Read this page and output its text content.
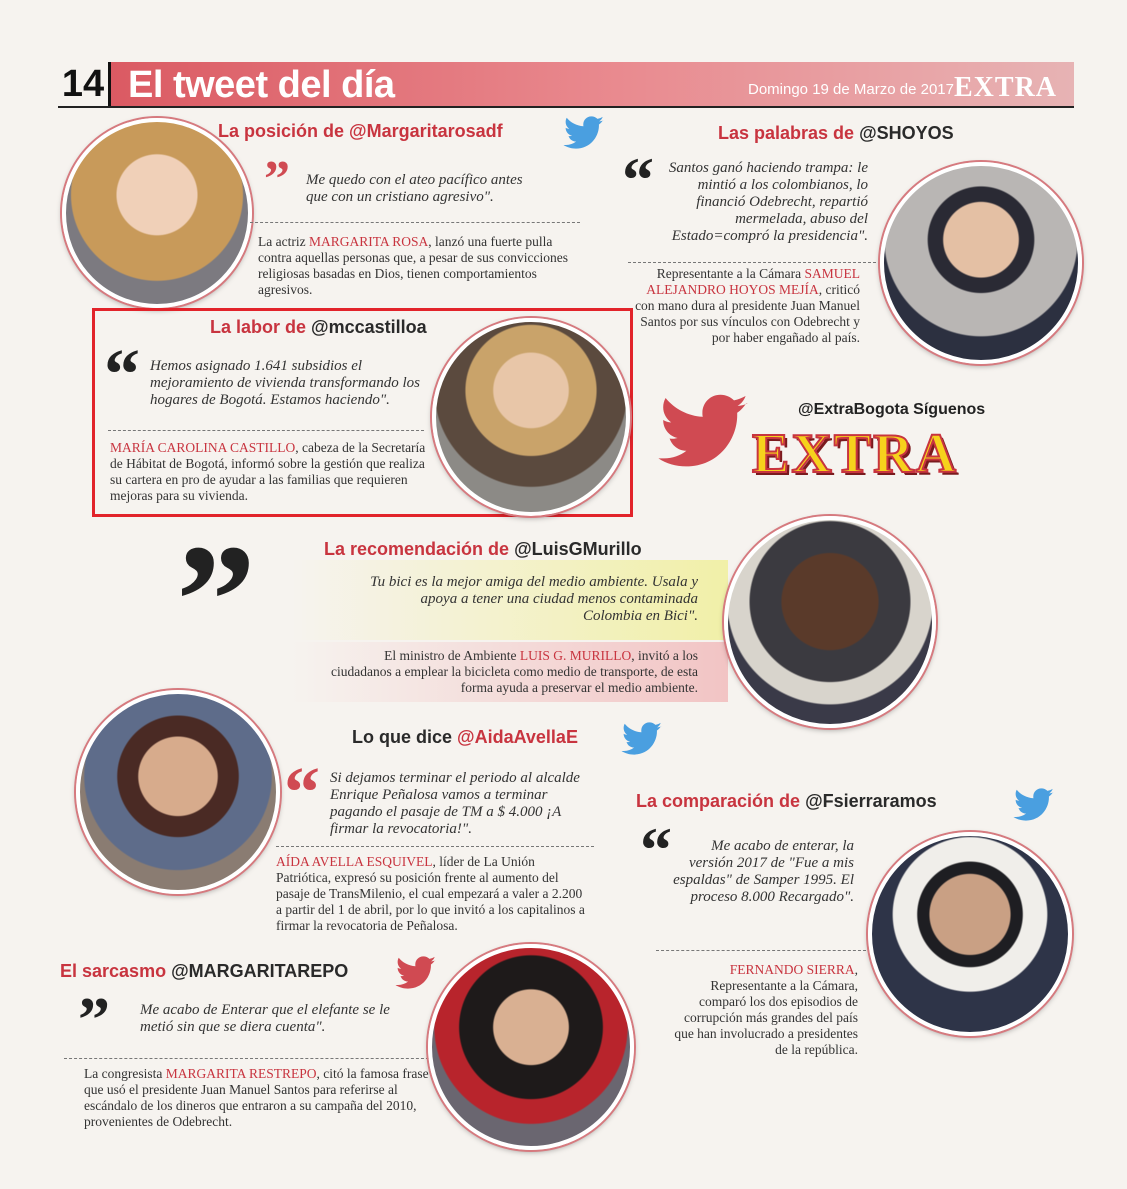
14 El tweet del día	Domingo 19 de Marzo de 2017 EXTRA
La posición de @Margaritarosadf
” Me quedo con el ateo pacífico antes que con un cristiano agresivo".
La actriz MARGARITA ROSA, lanzó una fuerte pulla contra aquellas personas que, a pesar de sus convicciones religiosas basadas en Dios, tienen comportamientos agresivos.
Las palabras de @SHOYOS
“ Santos ganó haciendo trampa: le mintió a los colombianos, lo financió Odebrecht, repartió mermelada, abuso del Estado=compró la presidencia".
Representante a la Cámara SAMUEL ALEJANDRO HOYOS MEJÍA, criticó con mano dura al presidente Juan Manuel Santos por sus vínculos con Odebrecht y por haber engañado al país.
La labor de @mccastilloa
“ Hemos asignado 1.641 subsidios el mejoramiento de vivienda transformando los hogares de Bogotá. Estamos haciendo".
MARÍA CAROLINA CASTILLO, cabeza de la Secretaría de Hábitat de Bogotá, informó sobre la gestión que realiza su cartera en pro de ayudar a las familias que requieren mejoras para su vivienda.
@ExtraBogota Síguenos
EXTRA
”	La recomendación de @LuisGMurillo
Tu bici es la mejor amiga del medio ambiente. Usala y apoya a tener una ciudad menos contaminada Colombia en Bici".
El ministro de Ambiente LUIS G. MURILLO, invitó a los ciudadanos a emplear la bicicleta como medio de transporte, de esta forma ayuda a preservar el medio ambiente.
Lo que dice @AidaAvellaE
“ Si dejamos terminar el periodo al alcalde Enrique Peñalosa vamos a terminar pagando el pasaje de TM a $ 4.000 ¡A firmar la revocatoria!".
AÍDA AVELLA ESQUIVEL, líder de La Unión Patriótica, expresó su posición frente al aumento del pasaje de TransMilenio, el cual empezará a valer a 2.200 a partir del 1 de abril, por lo que invitó a los capitalinos a firmar la revocatoria de Peñalosa.
La comparación de @Fsierraramos
“	Me acabo de enterar, la versión 2017 de "Fue a mis espaldas" de Samper 1995. El proceso 8.000 Recargado".
FERNANDO SIERRA, Representante a la Cámara, comparó los dos episodios de corrupción más grandes del país que han involucrado a presidentes de la república.
El sarcasmo @MARGARITAREPO
” Me acabo de Enterar que el elefante se le metió sin que se diera cuenta".
La congresista MARGARITA RESTREPO, citó la famosa frase que usó el presidente Juan Manuel Santos para referirse al escándalo de los dineros que entraron a su campaña del 2010, provenientes de Odebrecht.
